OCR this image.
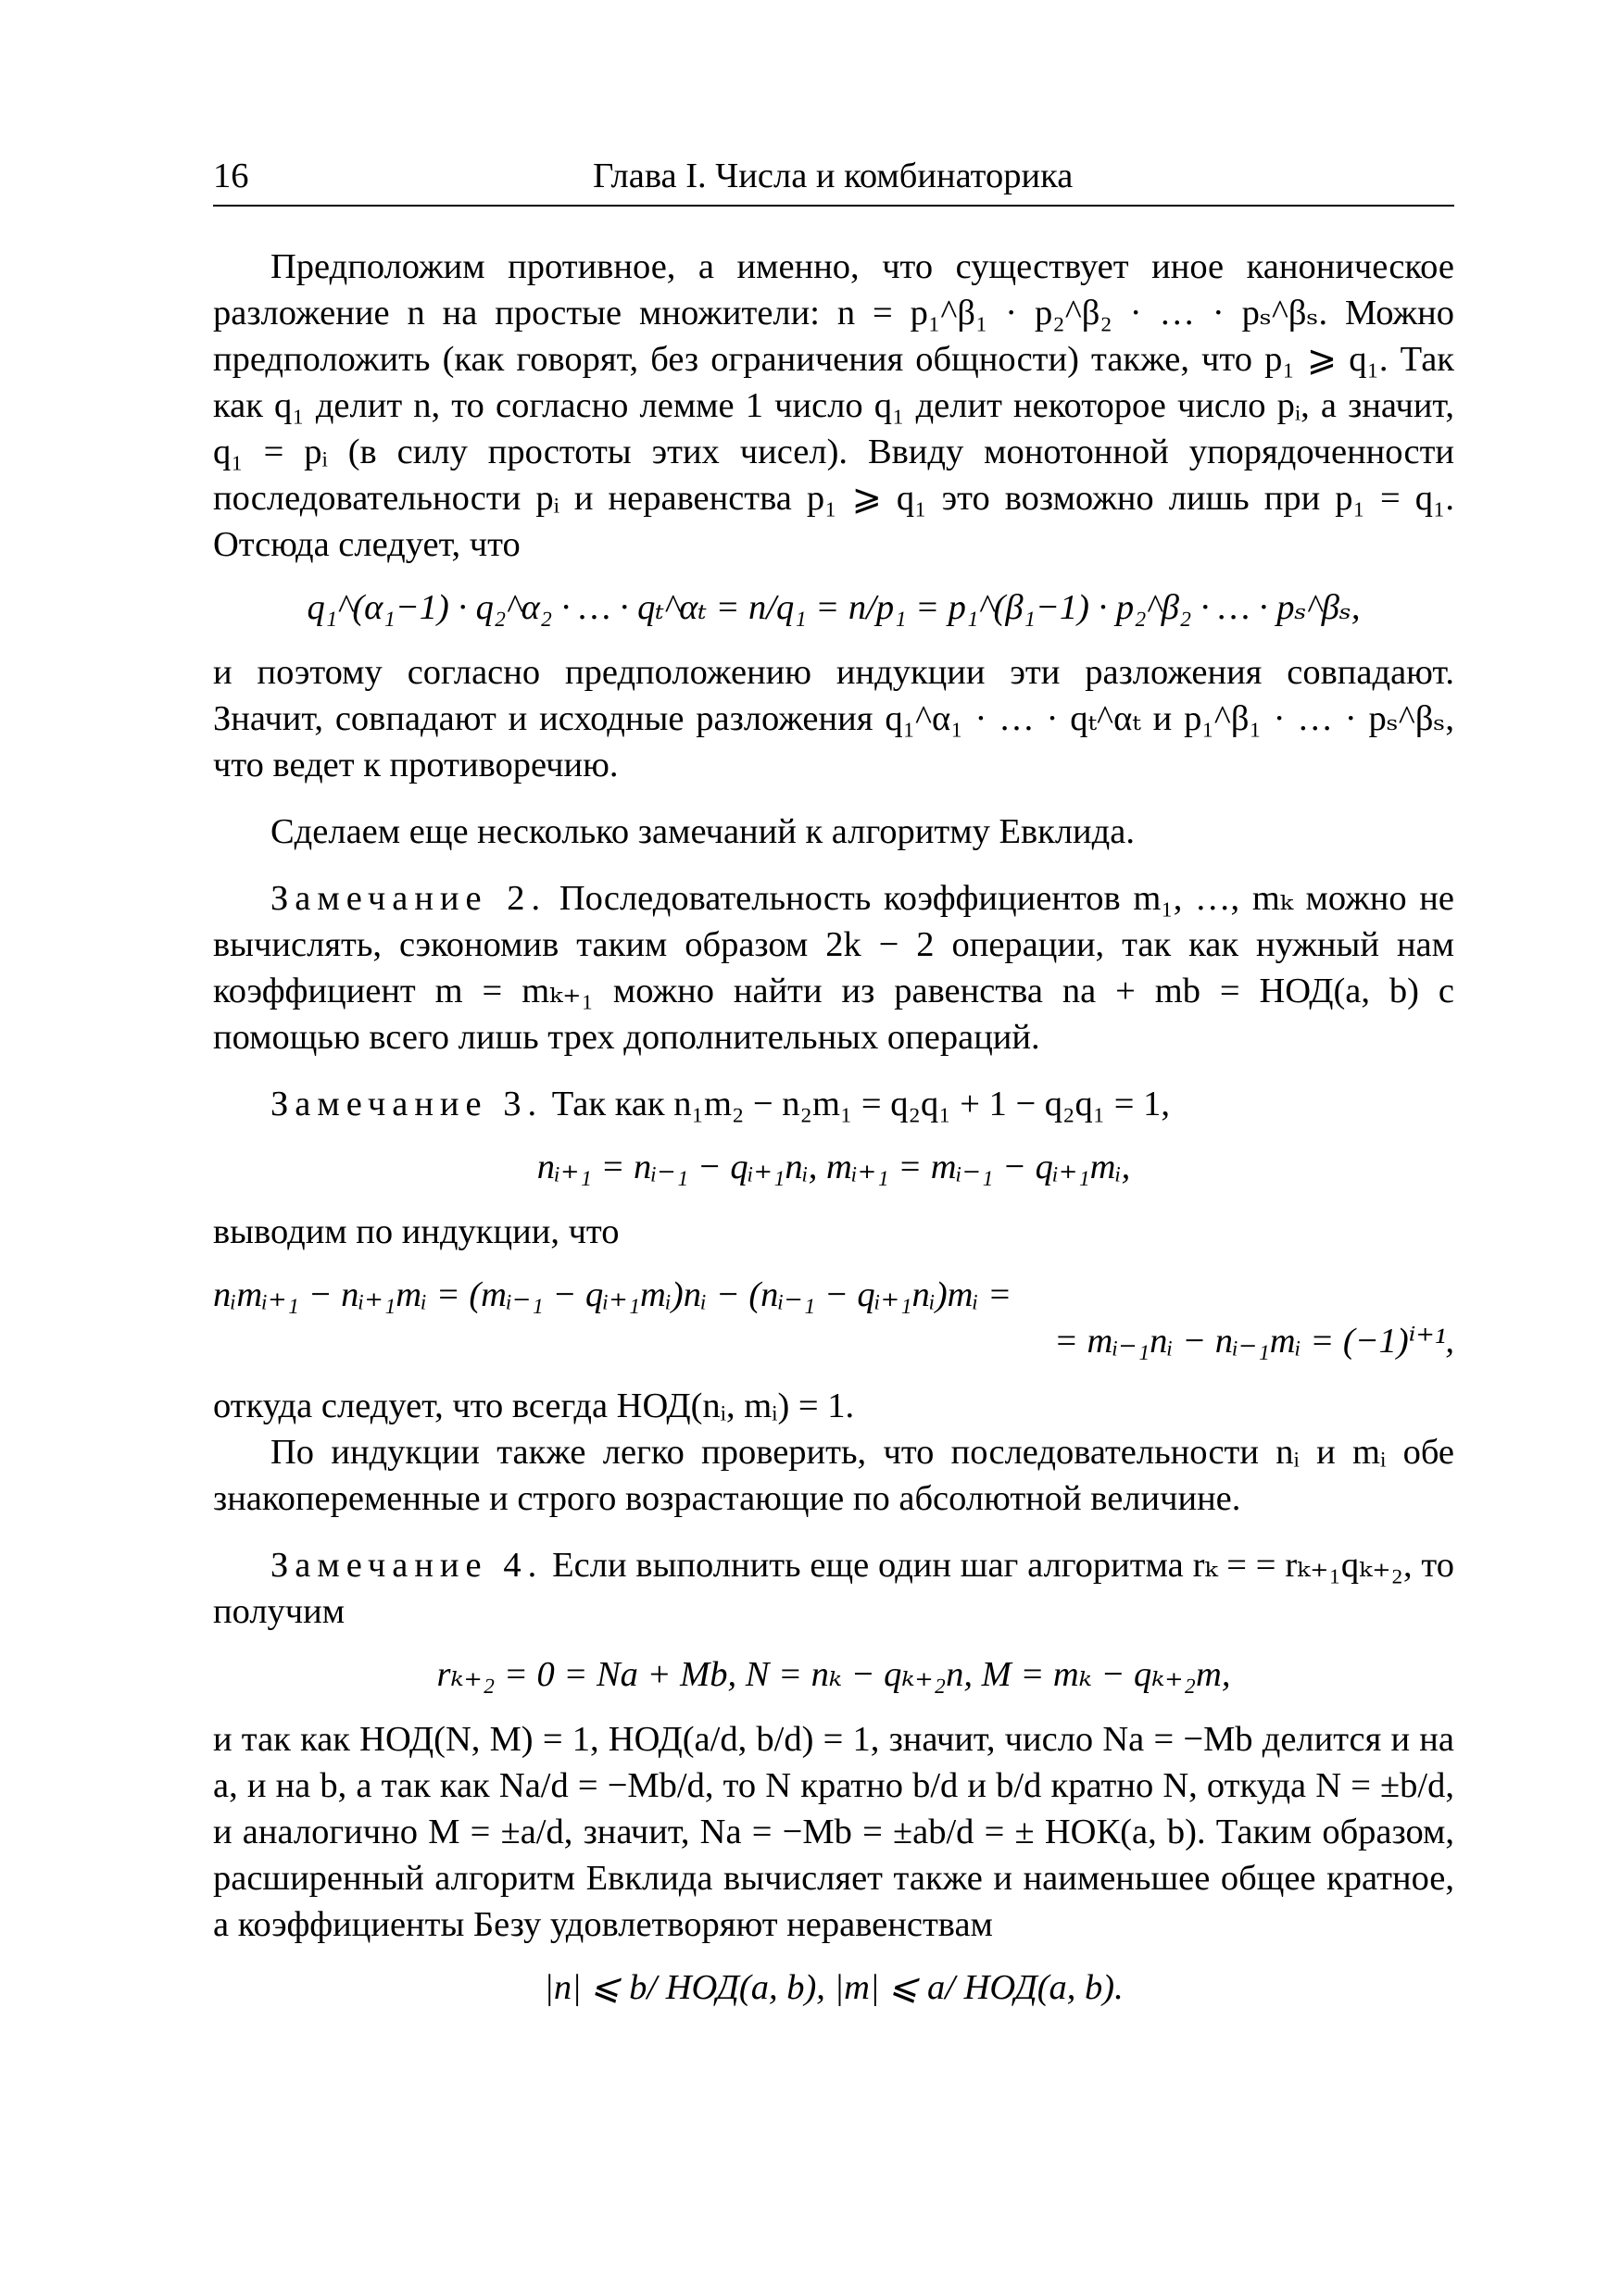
16	Глава I. Числа и комбинаторика

Предположим противное, а именно, что существует иное каноническое разложение n на простые множители: n = p₁^β₁ · p₂^β₂ · … · pₛ^βₛ. Можно предположить (как говорят, без ограничения общности) также, что p₁ ⩾ q₁. Так как q₁ делит n, то согласно лемме 1 число q₁ делит некоторое число pᵢ, а значит, q₁ = pᵢ (в силу простоты этих чисел). Ввиду монотонной упорядоченности последовательности pᵢ и неравенства p₁ ⩾ q₁ это возможно лишь при p₁ = q₁. Отсюда следует, что

q₁^(α₁−1) · q₂^α₂ · … · qₜ^αₜ = n/q₁ = n/p₁ = p₁^(β₁−1) · p₂^β₂ · … · pₛ^βₛ,

и поэтому согласно предположению индукции эти разложения совпадают. Значит, совпадают и исходные разложения q₁^α₁ · … · qₜ^αₜ и p₁^β₁ · … · pₛ^βₛ, что ведет к противоречию.

Сделаем еще несколько замечаний к алгоритму Евклида.

Замечание 2. Последовательность коэффициентов m₁, …, mₖ можно не вычислять, сэкономив таким образом 2k − 2 операции, так как нужный нам коэффициент m = mₖ₊₁ можно найти из равенства na + mb = НОД(a, b) с помощью всего лишь трех дополнительных операций.

Замечание 3. Так как n₁m₂ − n₂m₁ = q₂q₁ + 1 − q₂q₁ = 1,

nᵢ₊₁ = nᵢ₋₁ − qᵢ₊₁nᵢ, mᵢ₊₁ = mᵢ₋₁ − qᵢ₊₁mᵢ,

выводим по индукции, что

nᵢmᵢ₊₁ − nᵢ₊₁mᵢ = (mᵢ₋₁ − qᵢ₊₁mᵢ)nᵢ − (nᵢ₋₁ − qᵢ₊₁nᵢ)mᵢ =
= mᵢ₋₁nᵢ − nᵢ₋₁mᵢ = (−1)ⁱ⁺¹,

откуда следует, что всегда НОД(nᵢ, mᵢ) = 1.

По индукции также легко проверить, что последовательности nᵢ и mᵢ обе знакопеременные и строго возрастающие по абсолютной величине.

Замечание 4. Если выполнить еще один шаг алгоритма rₖ = = rₖ₊₁qₖ₊₂, то получим

rₖ₊₂ = 0 = Na + Mb, N = nₖ − qₖ₊₂n, M = mₖ − qₖ₊₂m,

и так как НОД(N, M) = 1, НОД(a/d, b/d) = 1, значит, число Na = −Mb делится и на a, и на b, а так как Na/d = −Mb/d, то N кратно b/d и b/d кратно N, откуда N = ±b/d, и аналогично M = ±a/d, значит, Na = −Mb = ±ab/d = ± НОК(a, b). Таким образом, расширенный алгоритм Евклида вычисляет также и наименьшее общее кратное, а коэффициенты Безу удовлетворяют неравенствам

|n| ⩽ b/ НОД(a, b), |m| ⩽ a/ НОД(a, b).
